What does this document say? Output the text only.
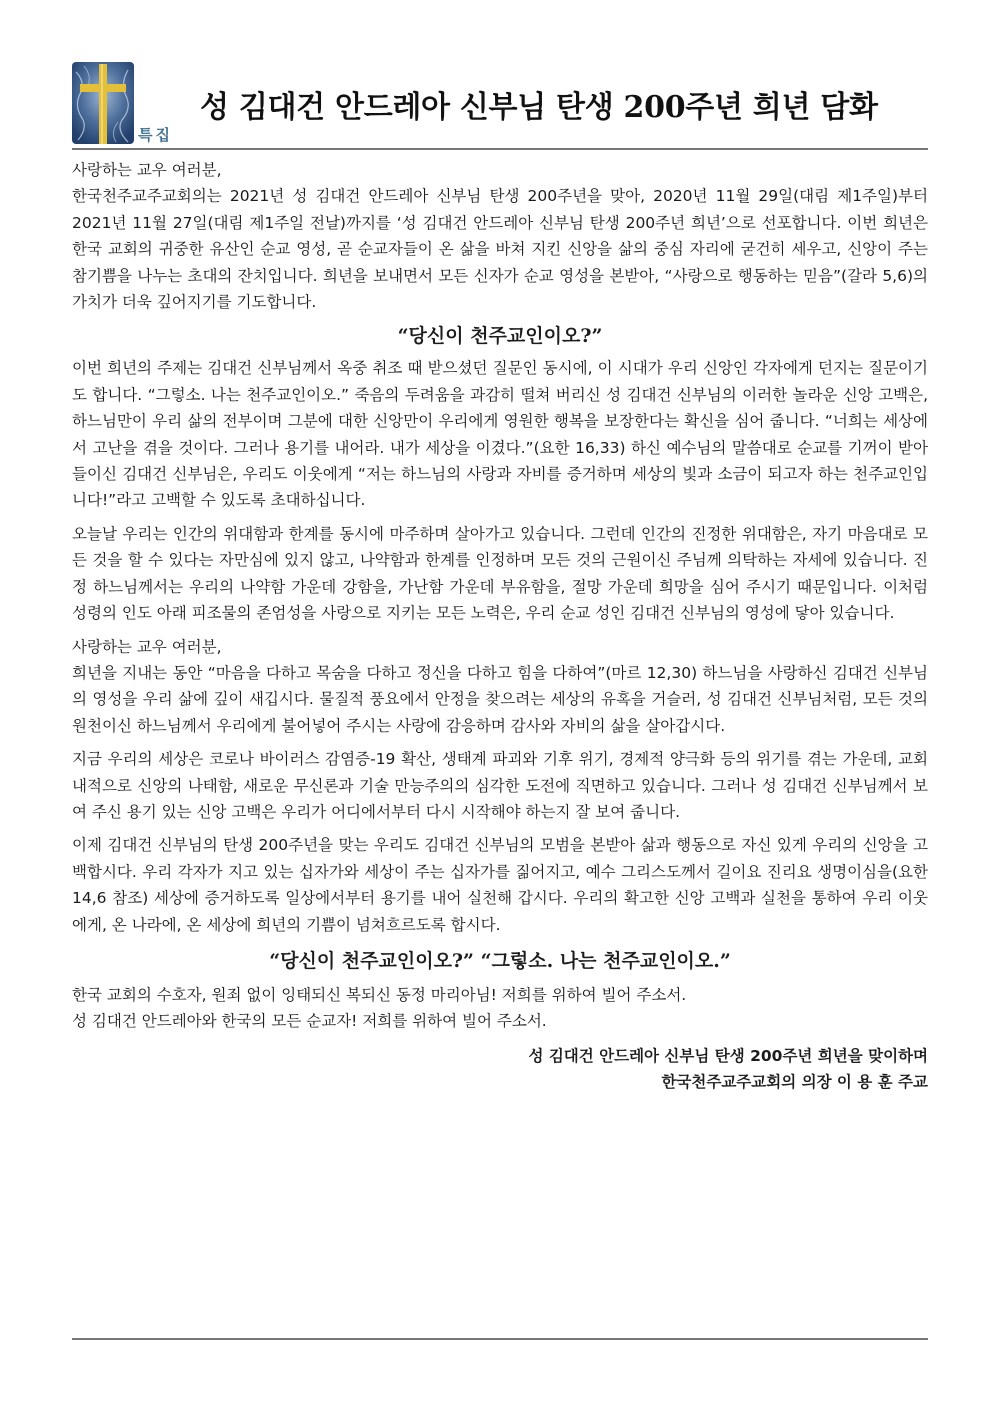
특집
성 김대건 안드레아 신부님 탄생 200주년 희년 담화

사랑하는 교우 여러분,

한국천주교주교회의는 2021년 성 김대건 안드레아 신부님 탄생 200주년을 맞아, 2020년 11월 29일(대림 제1주일)부터 2021년 11월 27일(대림 제1주일 전날)까지를 ‘성 김대건 안드레아 신부님 탄생 200주년 희년’으로 선포합니다. 이번 희년은 한국 교회의 귀중한 유산인 순교 영성, 곧 순교자들이 온 삶을 바쳐 지킨 신앙을 삶의 중심 자리에 굳건히 세우고, 신앙이 주는 참기쁨을 나누는 초대의 잔치입니다. 희년을 보내면서 모든 신자가 순교 영성을 본받아, “사랑으로 행동하는 믿음”(갈라 5,6)의 가치가 더욱 깊어지기를 기도합니다.

“당신이 천주교인이오?”

이번 희년의 주제는 김대건 신부님께서 옥중 취조 때 받으셨던 질문인 동시에, 이 시대가 우리 신앙인 각자에게 던지는 질문이기도 합니다. “그렇소. 나는 천주교인이오.” 죽음의 두려움을 과감히 떨쳐 버리신 성 김대건 신부님의 이러한 놀라운 신앙 고백은, 하느님만이 우리 삶의 전부이며 그분에 대한 신앙만이 우리에게 영원한 행복을 보장한다는 확신을 심어 줍니다. “너희는 세상에서 고난을 겪을 것이다. 그러나 용기를 내어라. 내가 세상을 이겼다.”(요한 16,33) 하신 예수님의 말씀대로 순교를 기꺼이 받아들이신 김대건 신부님은, 우리도 이웃에게 “저는 하느님의 사랑과 자비를 증거하며 세상의 빛과 소금이 되고자 하는 천주교인입니다!”라고 고백할 수 있도록 초대하십니다.

오늘날 우리는 인간의 위대함과 한계를 동시에 마주하며 살아가고 있습니다. 그런데 인간의 진정한 위대함은, 자기 마음대로 모든 것을 할 수 있다는 자만심에 있지 않고, 나약함과 한계를 인정하며 모든 것의 근원이신 주님께 의탁하는 자세에 있습니다. 진정 하느님께서는 우리의 나약함 가운데 강함을, 가난함 가운데 부유함을, 절망 가운데 희망을 심어 주시기 때문입니다. 이처럼 성령의 인도 아래 피조물의 존엄성을 사랑으로 지키는 모든 노력은, 우리 순교 성인 김대건 신부님의 영성에 닿아 있습니다.

사랑하는 교우 여러분,

희년을 지내는 동안 “마음을 다하고 목숨을 다하고 정신을 다하고 힘을 다하여”(마르 12,30) 하느님을 사랑하신 김대건 신부님의 영성을 우리 삶에 깊이 새깁시다. 물질적 풍요에서 안정을 찾으려는 세상의 유혹을 거슬러, 성 김대건 신부님처럼, 모든 것의 원천이신 하느님께서 우리에게 불어넣어 주시는 사랑에 감응하며 감사와 자비의 삶을 살아갑시다.

지금 우리의 세상은 코로나 바이러스 감염증-19 확산, 생태계 파괴와 기후 위기, 경제적 양극화 등의 위기를 겪는 가운데, 교회 내적으로 신앙의 나태함, 새로운 무신론과 기술 만능주의의 심각한 도전에 직면하고 있습니다. 그러나 성 김대건 신부님께서 보여 주신 용기 있는 신앙 고백은 우리가 어디에서부터 다시 시작해야 하는지 잘 보여 줍니다.

이제 김대건 신부님의 탄생 200주년을 맞는 우리도 김대건 신부님의 모범을 본받아 삶과 행동으로 자신 있게 우리의 신앙을 고백합시다. 우리 각자가 지고 있는 십자가와 세상이 주는 십자가를 짊어지고, 예수 그리스도께서 길이요 진리요 생명이심을(요한 14,6 참조) 세상에 증거하도록 일상에서부터 용기를 내어 실천해 갑시다. 우리의 확고한 신앙 고백과 실천을 통하여 우리 이웃에게, 온 나라에, 온 세상에 희년의 기쁨이 넘쳐흐르도록 합시다.

“당신이 천주교인이오?” “그렇소. 나는 천주교인이오.”

한국 교회의 수호자, 원죄 없이 잉태되신 복되신 동정 마리아님! 저희를 위하여 빌어 주소서.

성 김대건 안드레아와 한국의 모든 순교자! 저희를 위하여 빌어 주소서.

성 김대건 안드레아 신부님 탄생 200주년 희년을 맞이하며

한국천주교주교회의 의장 이 용 훈 주교
